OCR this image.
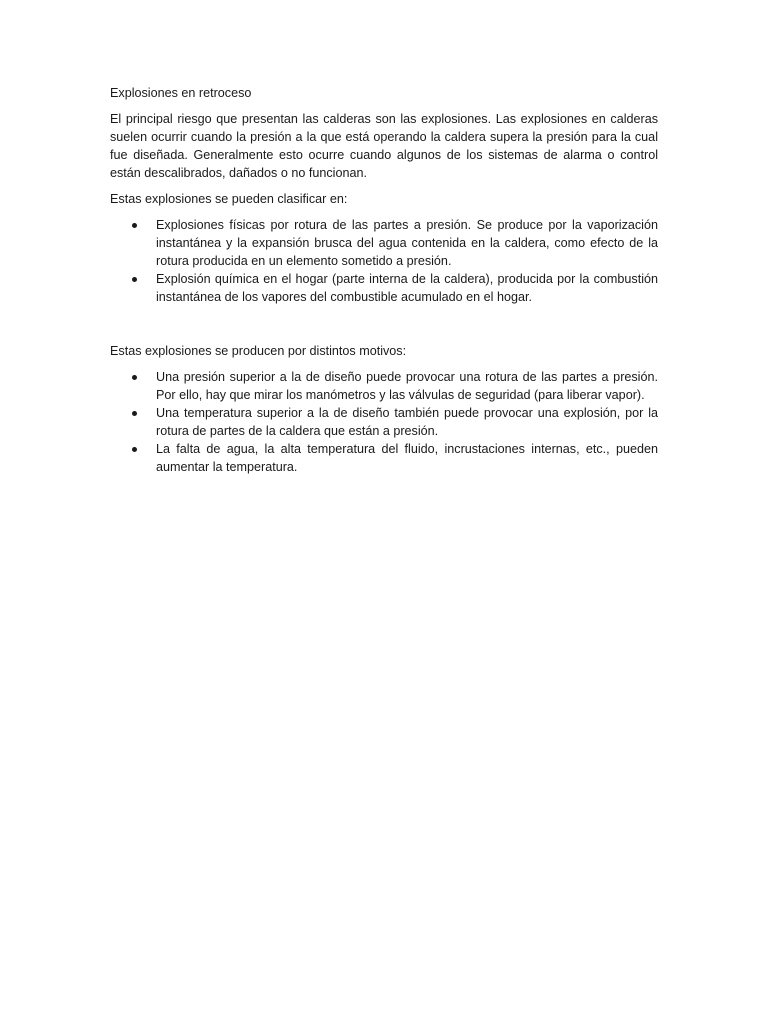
Explosiones en retroceso

El principal riesgo que presentan las calderas son las explosiones. Las explosiones en calderas suelen ocurrir cuando la presión a la que está operando la caldera supera la presión para la cual fue diseñada. Generalmente esto ocurre cuando algunos de los sistemas de alarma o control están descalibrados, dañados o no funcionan.

Estas explosiones se pueden clasificar en:

Explosiones físicas por rotura de las partes a presión. Se produce por la vaporización instantánea y la expansión brusca del agua contenida en la caldera, como efecto de la rotura producida en un elemento sometido a presión.
Explosión química en el hogar (parte interna de la caldera), producida por la combustión instantánea de los vapores del combustible acumulado en el hogar.

Estas explosiones se producen por distintos motivos:

Una presión superior a la de diseño puede provocar una rotura de las partes a presión. Por ello, hay que mirar los manómetros y las válvulas de seguridad (para liberar vapor).
Una temperatura superior a la de diseño también puede provocar una explosión, por la rotura de partes de la caldera que están a presión.
La falta de agua, la alta temperatura del fluido, incrustaciones internas, etc., pueden aumentar la temperatura.
